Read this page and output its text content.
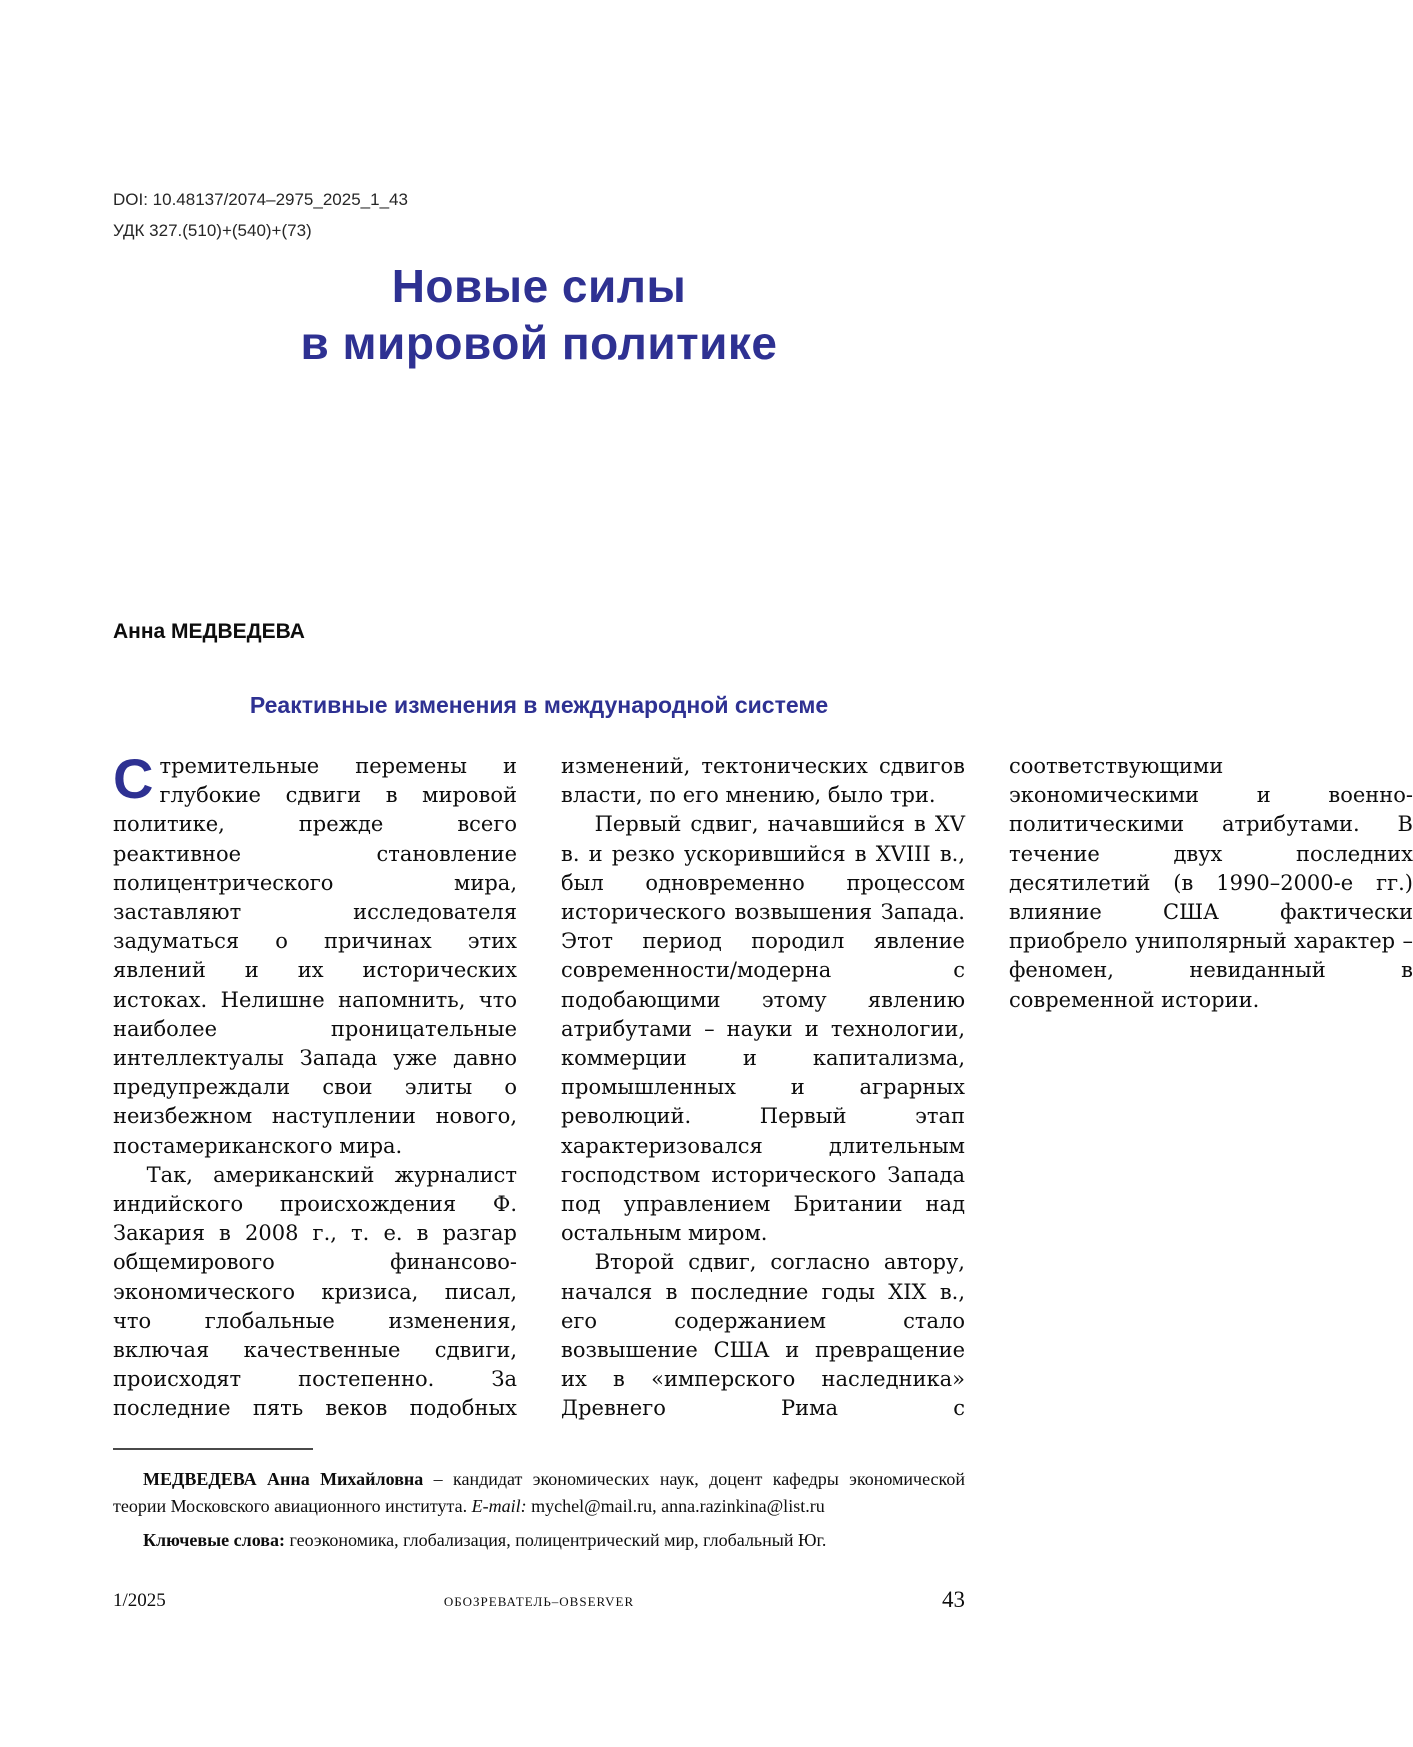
DOI: 10.48137/2074–2975_2025_1_43
УДК 327.(510)+(540)+(73)
Новые силы
в мировой политике
Анна МЕДВЕДЕВА
Реактивные изменения в международной системе

Стремительные перемены и глубокие сдвиги в мировой политике, прежде всего реактивное становление полицентрического мира, заставляют исследователя задуматься о причинах этих явлений и их исторических истоках. Нелишне напомнить, что наиболее проницательные интеллектуалы Запада уже давно предупреждали свои элиты о неизбежном наступлении нового, постамериканского мира.

Так, американский журналист индийского происхождения Ф. Закария в 2008 г., т. е. в разгар общемирового финансово-экономического кризиса, писал, что глобальные изменения, включая качественные сдвиги, происходят постепенно. За последние пять веков подобных изменений, тектонических сдвигов власти, по его мнению, было три.

Первый сдвиг, начавшийся в XV в. и резко ускорившийся в XVIII в., был одновременно процессом исторического возвышения Запада. Этот период породил явление современности/модерна с подобающими этому явлению атрибутами – науки и технологии, коммерции и капитализма, промышленных и аграрных революций. Первый этап характеризовался длительным господством исторического Запада под управлением Британии над остальным миром.

Второй сдвиг, согласно автору, начался в последние годы XIX в., его содержанием стало возвышение США и превращение их в «имперского наследника» Древнего Рима с соответствующими экономическими и военно-политическими атрибутами. В течение двух последних десятилетий (в 1990–2000-е гг.) влияние США фактически приобрело униполярный характер – феномен, невиданный в современной истории.

МЕДВЕДЕВА Анна Михайловна – кандидат экономических наук, доцент кафедры экономической теории Московского авиационного института. E-mail: mychel@mail.ru, anna.razinkina@list.ru

Ключевые слова: геоэкономика, глобализация, полицентрический мир, глобальный Юг.

1/2025	ОБОЗРЕВАТЕЛЬ–OBSERVER	43
